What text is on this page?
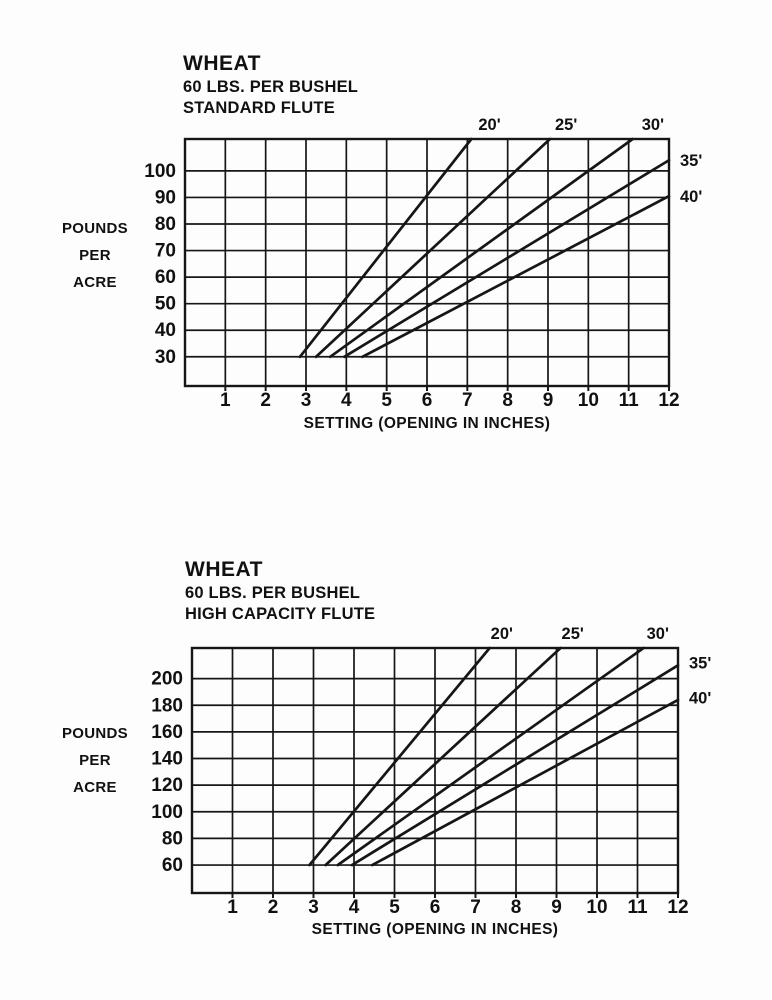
1 2 3 4 5 6 7 8 9 10 11 12
30
40
50
60
70
80
90
100
20'	25'	30'
35'
40'
1 2 3 4 5 6 7 8 9 10 11 12
60
80
100
120
140
160
180
200
20'	25'	30'
35'
40'
WHEAT
60 LBS. PER BUSHEL
STANDARD FLUTE
POUNDS
PER
ACRE
SETTING (OPENING IN INCHES)
WHEAT
60 LBS. PER BUSHEL
HIGH CAPACITY FLUTE
POUNDS
PER
ACRE
SETTING (OPENING IN INCHES)
